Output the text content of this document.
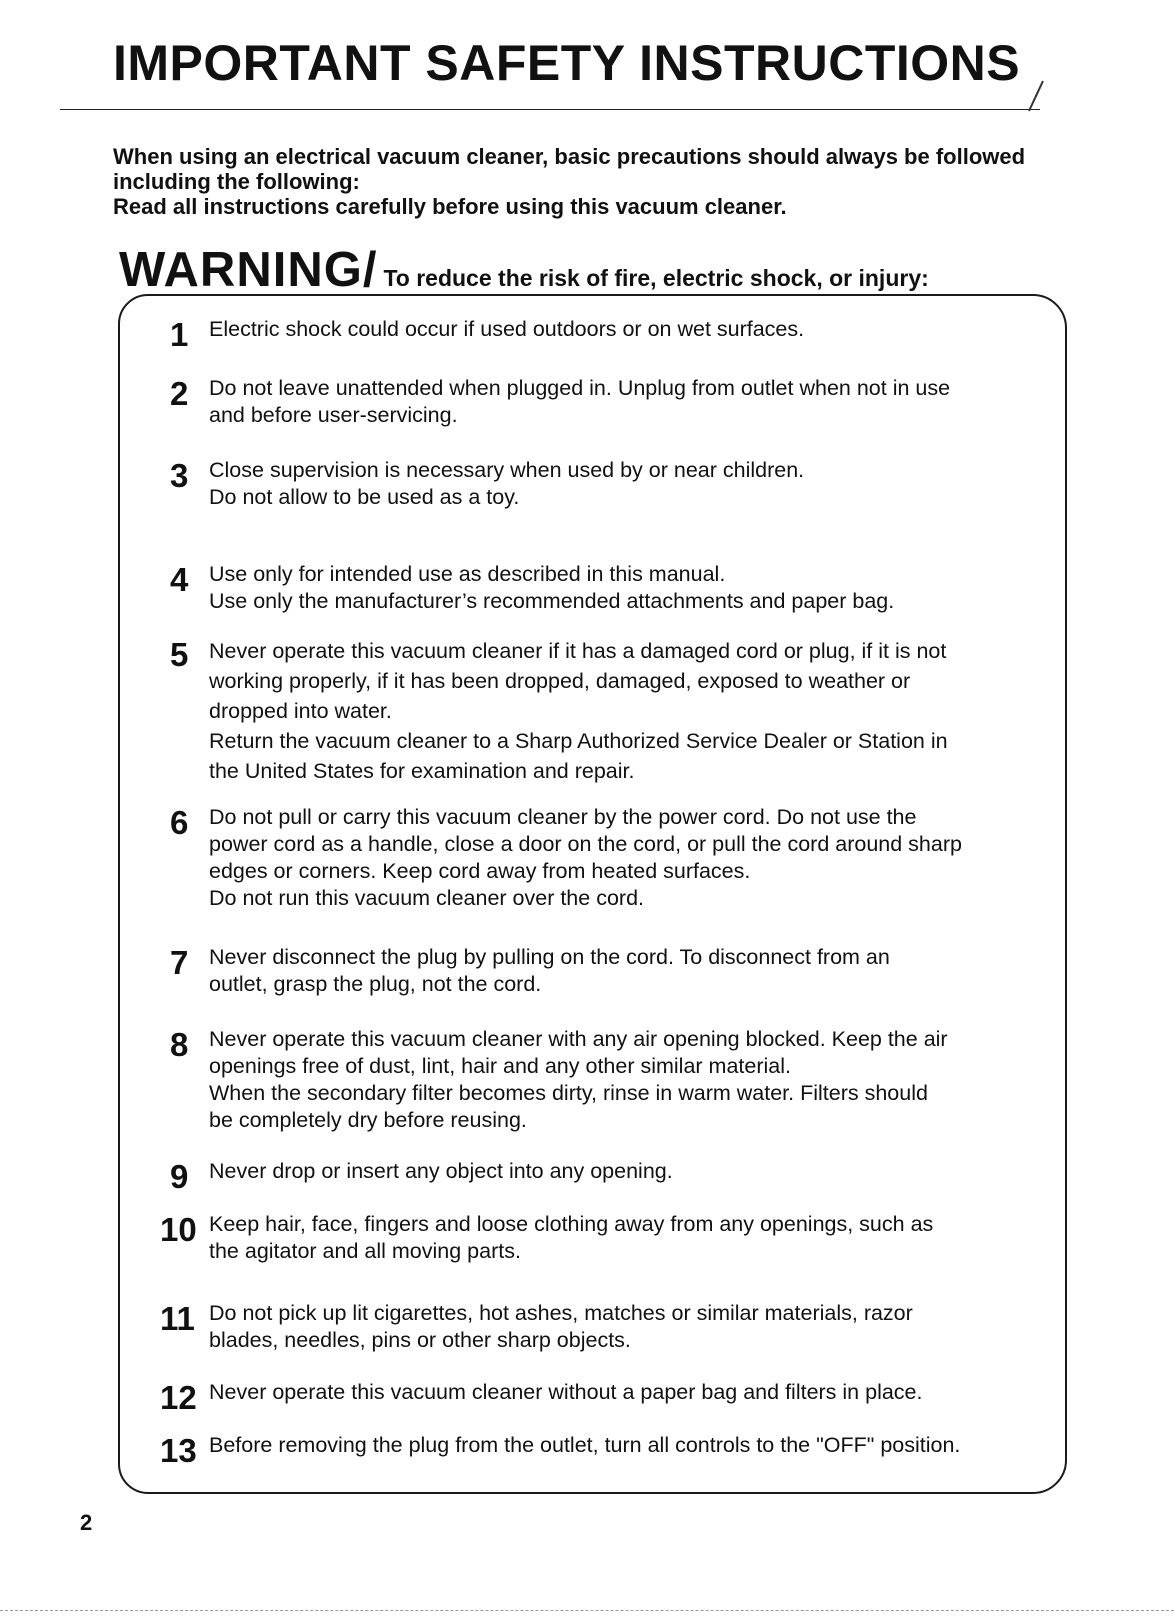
IMPORTANT SAFETY INSTRUCTIONS

When using an electrical vacuum cleaner, basic precautions should always be followed including the following:

Read all instructions carefully before using this vacuum cleaner.

WARNING/ To reduce the risk of fire, electric shock, or injury:
1 Electric shock could occur if used outdoors or on wet surfaces.
2 Do not leave unattended when plugged in. Unplug from outlet when not in use
and before user-servicing.
3 Close supervision is necessary when used by or near children.
Do not allow to be used as a toy.
4 Use only for intended use as described in this manual.
Use only the manufacturer’s recommended attachments and paper bag.
5 Never operate this vacuum cleaner if it has a damaged cord or plug, if it is not
working properly, if it has been dropped, damaged, exposed to weather or
dropped into water.
Return the vacuum cleaner to a Sharp Authorized Service Dealer or Station in
the United States for examination and repair.
6 Do not pull or carry this vacuum cleaner by the power cord. Do not use the
power cord as a handle, close a door on the cord, or pull the cord around sharp
edges or corners. Keep cord away from heated surfaces.
Do not run this vacuum cleaner over the cord.
7 Never disconnect the plug by pulling on the cord. To disconnect from an
outlet, grasp the plug, not the cord.
8 Never operate this vacuum cleaner with any air opening blocked. Keep the air
openings free of dust, lint, hair and any other similar material.
When the secondary filter becomes dirty, rinse in warm water. Filters should
be completely dry before reusing.
9 Never drop or insert any object into any opening.
10 Keep hair, face, fingers and loose clothing away from any openings, such as
the agitator and all moving parts.
11 Do not pick up lit cigarettes, hot ashes, matches or similar materials, razor
blades, needles, pins or other sharp objects.
12 Never operate this vacuum cleaner without a paper bag and filters in place.
13 Before removing the plug from the outlet, turn all controls to the "OFF" position.
2
